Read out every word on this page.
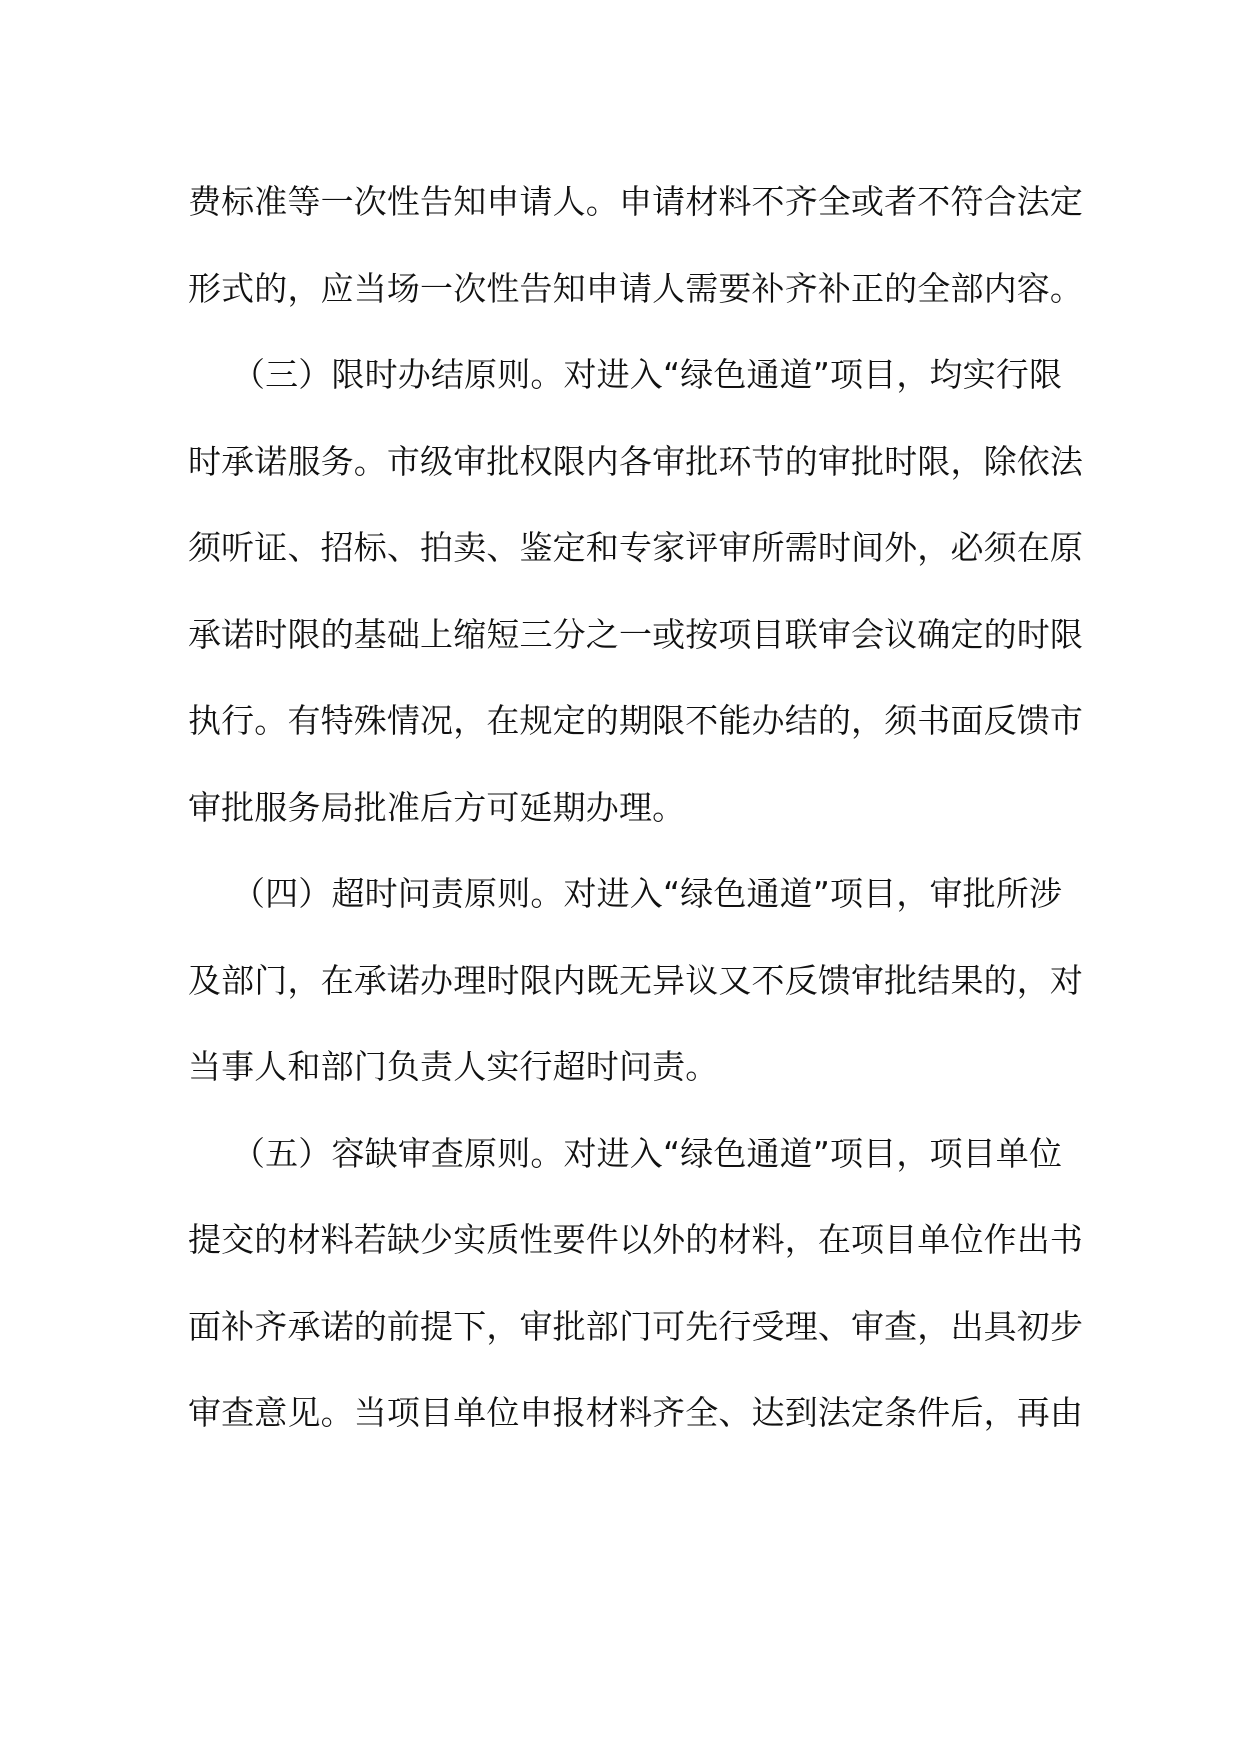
费标准等一次性告知申请人。申请材料不齐全或者不符合法定
形式的，应当场一次性告知申请人需要补齐补正的全部内容。
（三）限时办结原则。对进入“绿色通道”项目，均实行限
时承诺服务。市级审批权限内各审批环节的审批时限，除依法
须听证、招标、拍卖、鉴定和专家评审所需时间外，必须在原
承诺时限的基础上缩短三分之一或按项目联审会议确定的时限
执行。有特殊情况，在规定的期限不能办结的，须书面反馈市
审批服务局批准后方可延期办理。
（四）超时问责原则。对进入“绿色通道”项目，审批所涉
及部门，在承诺办理时限内既无异议又不反馈审批结果的，对
当事人和部门负责人实行超时问责。
（五）容缺审查原则。对进入“绿色通道”项目，项目单位
提交的材料若缺少实质性要件以外的材料，在项目单位作出书
面补齐承诺的前提下，审批部门可先行受理、审查，出具初步
审查意见。当项目单位申报材料齐全、达到法定条件后，再由
